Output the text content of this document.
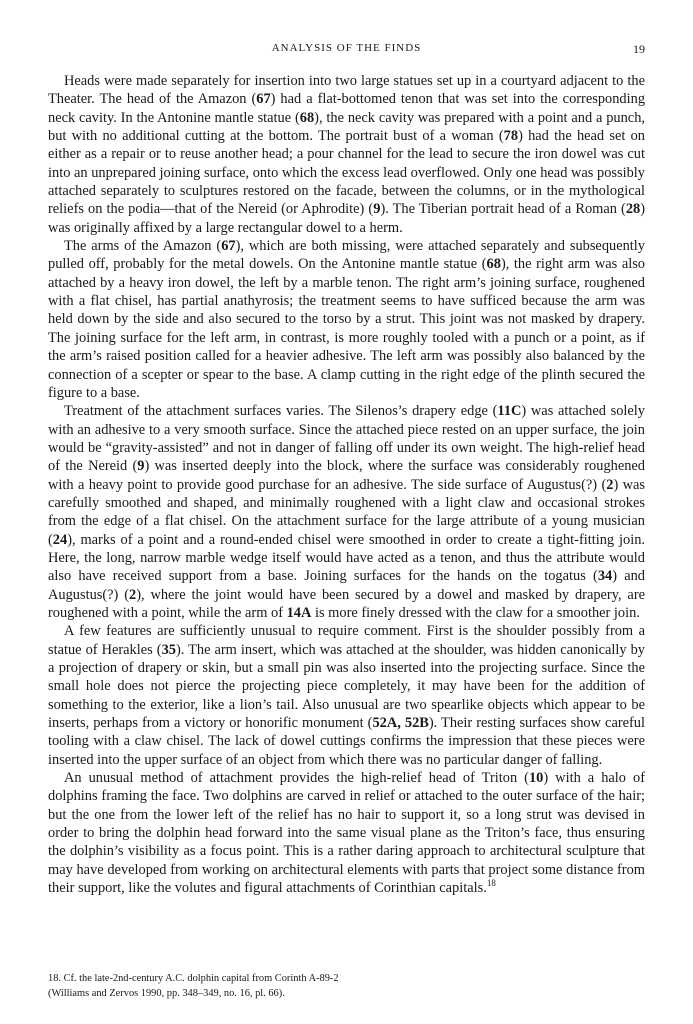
ANALYSIS OF THE FINDS	19

Heads were made separately for insertion into two large statues set up in a courtyard adjacent to the Theater. The head of the Amazon (67) had a flat-bottomed tenon that was set into the corresponding neck cavity. In the Antonine mantle statue (68), the neck cavity was prepared with a point and a punch, but with no additional cutting at the bottom. The portrait bust of a woman (78) had the head set on either as a repair or to reuse another head; a pour channel for the lead to secure the iron dowel was cut into an unprepared joining surface, onto which the excess lead overflowed. Only one head was possibly attached separately to sculptures restored on the facade, between the columns, or in the mythological reliefs on the podia—that of the Nereid (or Aphrodite) (9). The Tiberian portrait head of a Roman (28) was originally affixed by a large rectangular dowel to a herm.

The arms of the Amazon (67), which are both missing, were attached separately and subsequently pulled off, probably for the metal dowels. On the Antonine mantle statue (68), the right arm was also attached by a heavy iron dowel, the left by a marble tenon. The right arm’s joining surface, roughened with a flat chisel, has partial anathyrosis; the treatment seems to have sufficed because the arm was held down by the side and also secured to the torso by a strut. This joint was not masked by drapery. The joining surface for the left arm, in contrast, is more roughly tooled with a punch or a point, as if the arm’s raised position called for a heavier adhesive. The left arm was possibly also balanced by the connection of a scepter or spear to the base. A clamp cutting in the right edge of the plinth secured the figure to a base.

Treatment of the attachment surfaces varies. The Silenos’s drapery edge (11C) was attached solely with an adhesive to a very smooth surface. Since the attached piece rested on an upper surface, the join would be “gravity-assisted” and not in danger of falling off under its own weight. The high-relief head of the Nereid (9) was inserted deeply into the block, where the surface was considerably roughened with a heavy point to provide good purchase for an adhesive. The side surface of Augustus(?) (2) was carefully smoothed and shaped, and minimally roughened with a light claw and occasional strokes from the edge of a flat chisel. On the attachment surface for the large attribute of a young musician (24), marks of a point and a round-ended chisel were smoothed in order to create a tight-fitting join. Here, the long, narrow marble wedge itself would have acted as a tenon, and thus the attribute would also have received support from a base. Joining surfaces for the hands on the togatus (34) and Augustus(?) (2), where the joint would have been secured by a dowel and masked by drapery, are roughened with a point, while the arm of 14A is more finely dressed with the claw for a smoother join.

A few features are sufficiently unusual to require comment. First is the shoulder possibly from a statue of Herakles (35). The arm insert, which was attached at the shoulder, was hidden canonically by a projection of drapery or skin, but a small pin was also inserted into the projecting surface. Since the small hole does not pierce the projecting piece completely, it may have been for the addition of something to the exterior, like a lion’s tail. Also unusual are two spearlike objects which appear to be inserts, perhaps from a victory or honorific monument (52A, 52B). Their resting surfaces show careful tooling with a claw chisel. The lack of dowel cuttings confirms the impression that these pieces were inserted into the upper surface of an object from which there was no particular danger of falling.

An unusual method of attachment provides the high-relief head of Triton (10) with a halo of dolphins framing the face. Two dolphins are carved in relief or attached to the outer surface of the hair; but the one from the lower left of the relief has no hair to support it, so a long strut was devised in order to bring the dolphin head forward into the same visual plane as the Triton’s face, thus ensuring the dolphin’s visibility as a focus point. This is a rather daring approach to architectural sculpture that may have developed from working on architectural elements with parts that project some distance from their support, like the volutes and figural attachments of Corinthian capitals.$^{18}$

18. Cf. the late-2nd-century A.C. dolphin capital from Corinth A-89-2 (Williams and Zervos 1990, pp. 348–349, no. 16, pl. 66).
